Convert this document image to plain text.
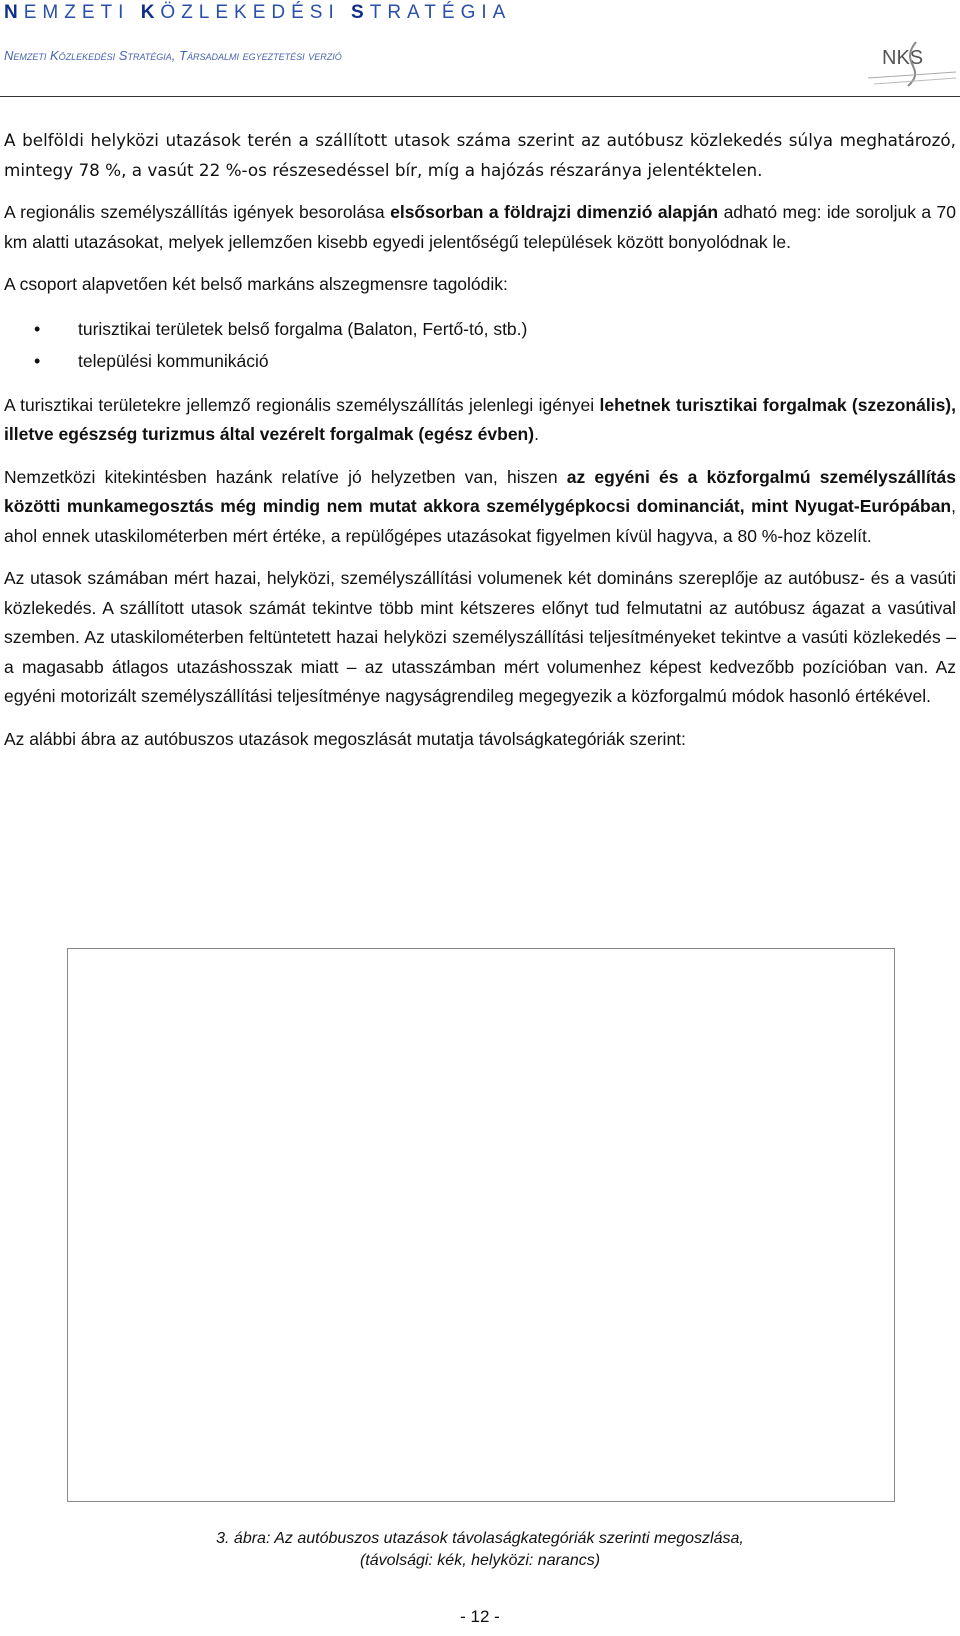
NEMZETI KÖZLEKEDÉSI STRATÉGIA
Nemzeti Közlekedési Stratégia, Társadalmi egyeztetési verzió	NKS

A belföldi helyközi utazások terén a szállított utasok száma szerint az autóbusz közlekedés súlya meghatározó, mintegy 78 %, a vasút 22 %-os részesedéssel bír, míg a hajózás részaránya jelentéktelen.

A regionális személyszállítás igények besorolása elsősorban a földrajzi dimenzió alapján adható meg: ide soroljuk a 70 km alatti utazásokat, melyek jellemzően kisebb egyedi jelentőségű települések között bonyolódnak le.

A csoport alapvetően két belső markáns alszegmensre tagolódik:

• turisztikai területek belső forgalma (Balaton, Fertő-tó, stb.)
• települési kommunikáció

A turisztikai területekre jellemző regionális személyszállítás jelenlegi igényei lehetnek turisztikai forgalmak (szezonális), illetve egészség turizmus által vezérelt forgalmak (egész évben).

Nemzetközi kitekintésben hazánk relatíve jó helyzetben van, hiszen az egyéni és a közforgalmú személyszállítás közötti munkamegosztás még mindig nem mutat akkora személygépkocsi dominanciát, mint Nyugat-Európában, ahol ennek utaskilométerben mért értéke, a repülőgépes utazásokat figyelmen kívül hagyva, a 80 %-hoz közelít.

Az utasok számában mért hazai, helyközi, személyszállítási volumenek két domináns szereplője az autóbusz- és a vasúti közlekedés. A szállított utasok számát tekintve több mint kétszeres előnyt tud felmutatni az autóbusz ágazat a vasútival szemben. Az utaskilométerben feltüntetett hazai helyközi személyszállítási teljesítményeket tekintve a vasúti közlekedés – a magasabb átlagos utazáshosszak miatt – az utasszámban mért volumenhez képest kedvezőbb pozícióban van. Az egyéni motorizált személyszállítási teljesítménye nagyságrendileg megegyezik a közforgalmú módok hasonló értékével.

Az alábbi ábra az autóbuszos utazások megoszlását mutatja távolságkategóriák szerint:

3. ábra: Az autóbuszos utazások távolaságkategóriák szerinti megoszlása,
(távolsági: kék, helyközi: narancs)
- 12 -
